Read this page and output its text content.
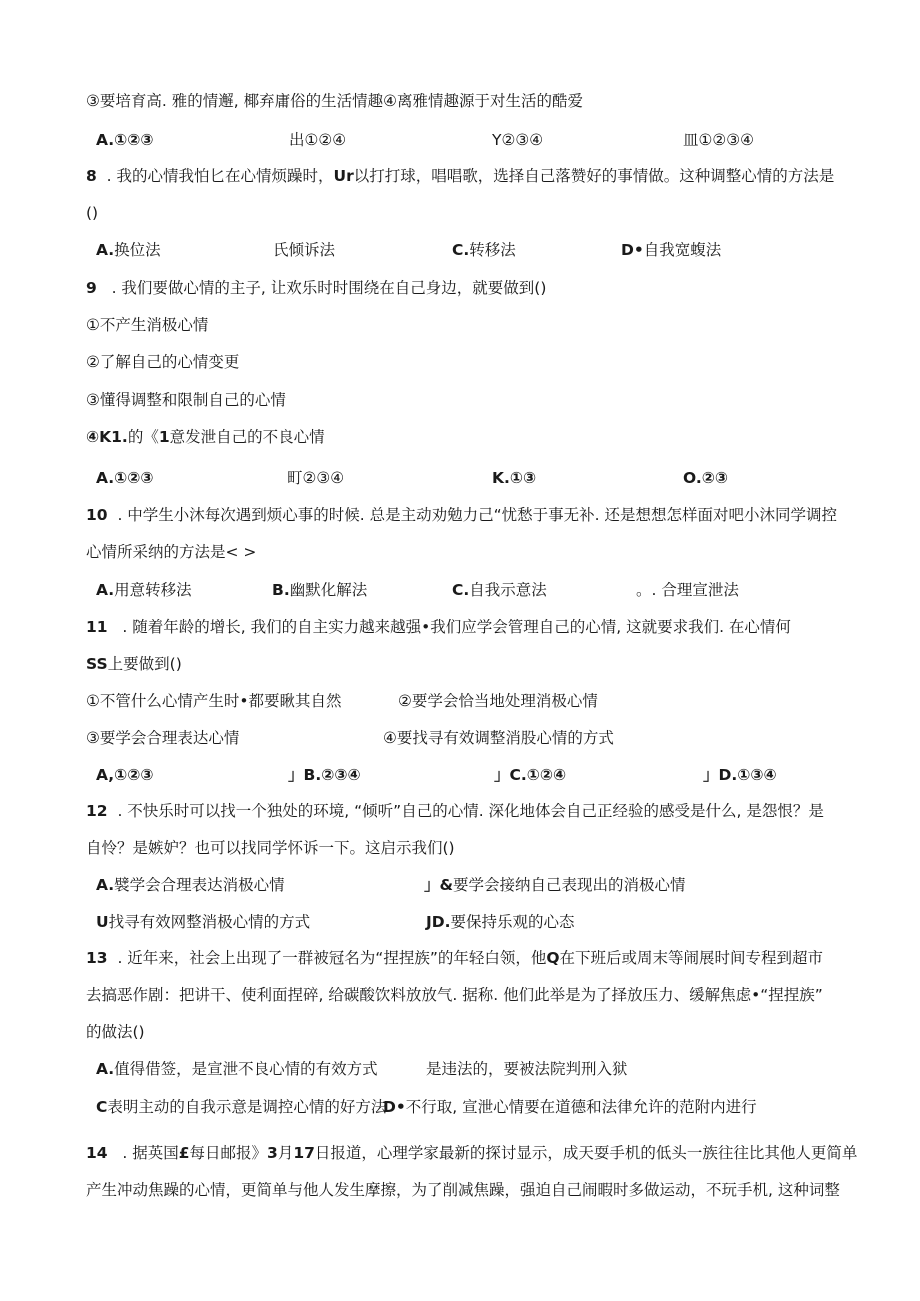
③要培育高. 雅的情邂, 椰弃庸俗的生活情趣④离雅情趣源于对生活的酷爱
A.①②③	出①②④	Y②③④	皿①②③④
8 . 我的心情我怕匕在心情烦躁时，Ur以打打球，唱唱歌，选择自己落赞好的事情做。这种调整心情的方法是
()
A.换位法	氏倾诉法	C.转移法	D•自我宽蝮法
9 . 我们要做心情的主子, 让欢乐时时围绕在自己身边，就要做到()
①不产生消极心情
②了解自己的心情变更
③懂得调整和限制自己的心情
④K1.的《1意发泄自己的不良心情
A.①②③	町②③④	K.①③	O.②③
10 . 中学生小沐每次遇到烦心事的时候. 总是主动劝勉力己“忧愁于事无补. 还是想想怎样面对吧小沐同学调控
心情所采纳的方法是< >
A.用意转移法	B.幽默化解法	C.自我示意法	。. 合理宣泄法
11 . 随着年龄的增长, 我们的自主实力越来越强•我们应学会管理自己的心情, 这就要求我们. 在心情何
SS上要做到()
①不管什么心情产生时•都要瞅其自然	②要学会恰当地处理消极心情
③要学会合理表达心情	④要找寻有效调整消股心情的方式
A,①②③	」B.②③④	」C.①②④	」D.①③④
12 . 不快乐时可以找一个独处的环境, “倾听”自己的心情. 深化地体会自己正经验的感受是什么, 是怨恨？是
自怜？是嫉妒？也可以找同学怀诉一下。这启示我们()
A.襞学会合理表达消极心情	」&要学会接纳自己表现出的消极心情
U找寻有效网整消极心情的方式	JD.要保持乐观的心态
13 . 近年来，社会上出现了一群被冠名为“捏捏族”的年轻白领，他Q在下班后或周末等闹展时间专程到超市
去搞恶作剧：把讲干、使利面捏碎, 给碳酸饮料放放气. 据称. 他们此举是为了择放压力、缓解焦虑•“捏捏族”
的做法()
A.值得借签，是宣泄不良心情的有效方式	是违法的，要被法院判刑入狱
C表明主动的自我示意是调控心情的好方法
D•不行取, 宣泄心情要在道德和法律允许的范附内进行
14 . 据英国£每日邮报》3月17日报道，心理学家最新的探讨显示，成天耍手机的低头一族往往比其他人更简单
产生冲动焦躁的心情，更简单与他人发生摩擦，为了削减焦躁，强迫自己闹暇时多做运动，不玩手机, 这种词整
